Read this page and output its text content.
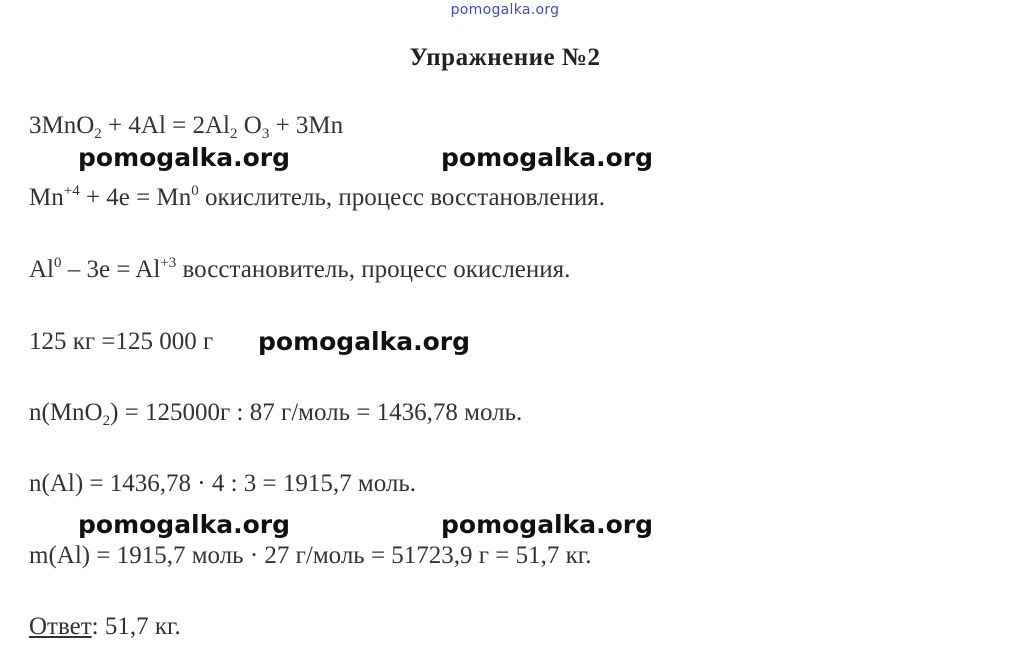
pomogalka.org
Упражнение №2
$3MnO_2 + 4Al = 2Al_2$ $O_3 + 3Mn$
pomogalka.org	pomogalka.org
$Mn^{+4} + 4e = Mn^0$ окислитель, процесс восстановления.
$Al^0 - 3e = Al^{+3}$ восстановитель, процесс окисления.
125 кг =125 000 г pomogalka.org
n(MnO$_2$) = 125000г : 87 г/моль = 1436,78 моль.
n(Al) = 1436,78 · 4 : 3 = 1915,7 моль.
pomogalka.org	pomogalka.org
m(Al) = 1915,7 моль · 27 г/моль = 51723,9 г = 51,7 кг.
Ответ: 51,7 кг.
